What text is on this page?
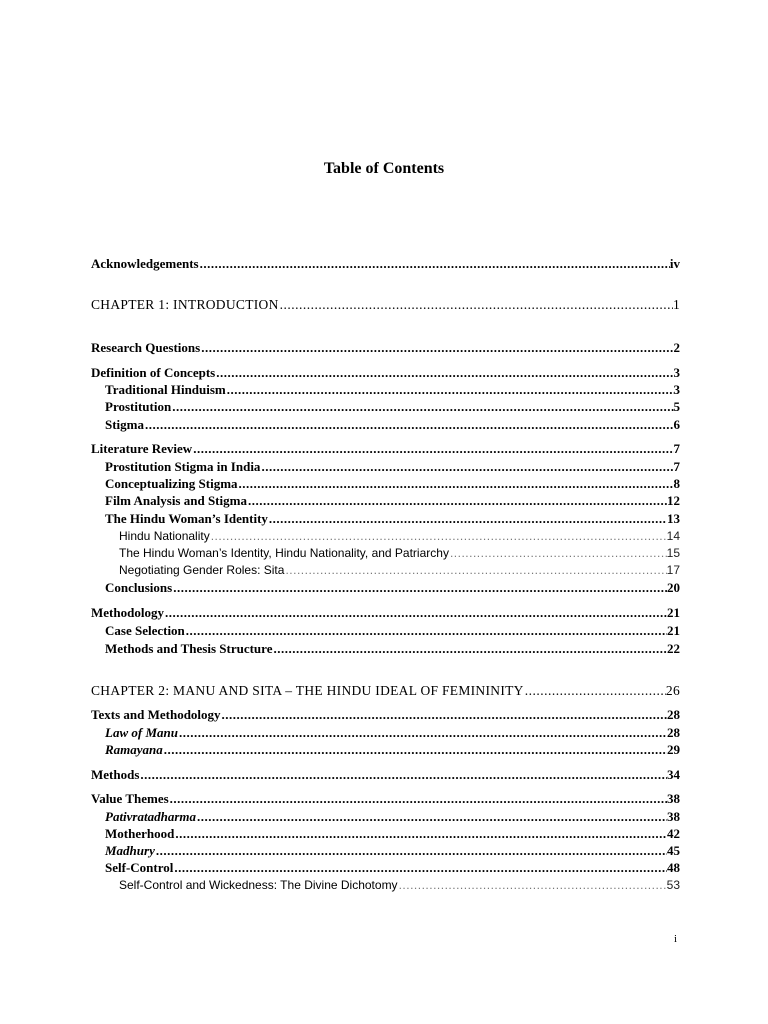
Table of Contents
Acknowledgements .....	iv
CHAPTER 1: INTRODUCTION .....	1
Research Questions .....	2
Definition of Concepts .....	3
Traditional Hinduism .....	3
Prostitution .....	5
Stigma .....	6
Literature Review .....	7
Prostitution Stigma in India .....	7
Conceptualizing Stigma .....	8
Film Analysis and Stigma .....	12
The Hindu Woman’s Identity .....	13
Hindu Nationality .....	14
The Hindu Woman’s Identity, Hindu Nationality, and Patriarchy .....	15
Negotiating Gender Roles: Sita .....	17
Conclusions .....	20
Methodology .....	21
Case Selection .....	21
Methods and Thesis Structure .....	22
CHAPTER 2: MANU AND SITA – THE HINDU IDEAL OF FEMININITY .....	26
Texts and Methodology .....	28
Law of Manu .....	28
Ramayana .....	29
Methods .....	34
Value Themes .....	38
Pativratadharma .....	38
Motherhood .....	42
Madhury .....	45
Self-Control .....	48
Self-Control and Wickedness: The Divine Dichotomy .....	53
i
